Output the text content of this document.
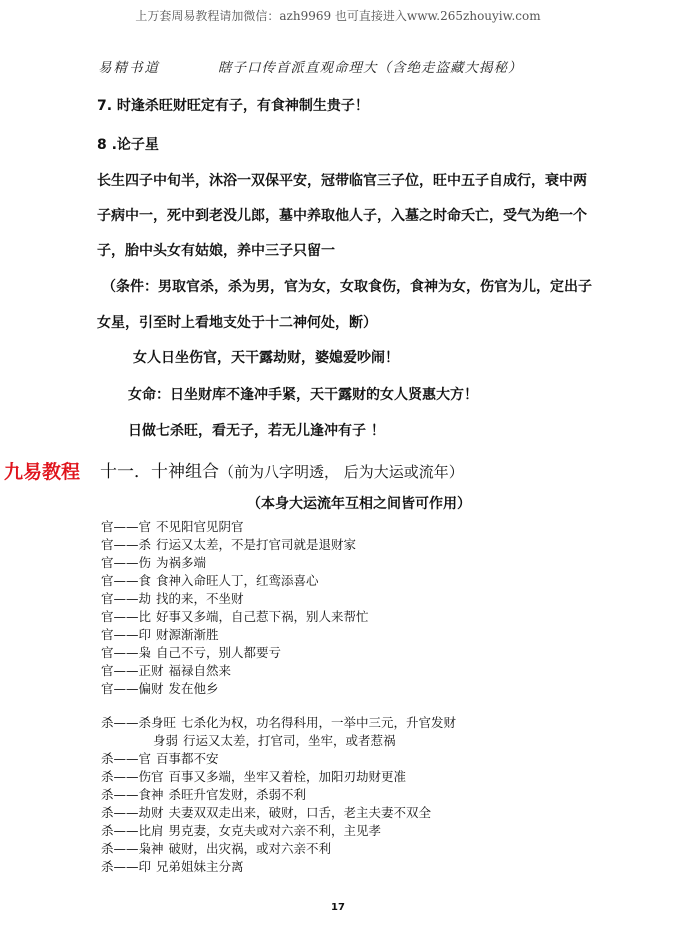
上万套周易教程请加微信：azh9969 也可直接进入www.265zhouyiw.com
易精书道	瞎子口传首派直观命理大（含绝走盗藏大揭秘）
7. 时逢杀旺财旺定有子，有食神制生贵子！
8 .论子星
长生四子中旬半，沐浴一双保平安，冠带临官三子位，旺中五子自成行，衰中两
子病中一，死中到老没儿郎，墓中养取他人子，入墓之时命夭亡，受气为绝一个
子，胎中头女有姑娘，养中三子只留一
（条件：男取官杀，杀为男，官为女，女取食伤，食神为女，伤官为儿，定出子
女星，引至时上看地支处于十二神何处，断）
女人日坐伤官，天干露劫财，婆媳爱吵闹！
女命：日坐财库不逢冲手紧，天干露财的女人贤惠大方！
日做七杀旺，看无子，若无儿逢冲有子 ！
九易教程 十一．十神组合（前为八字明透， 后为大运或流年）
（本身大运流年互相之间皆可作用）
官——官 不见阳官见阴官
官——杀 行运又太差，不是打官司就是退财家
官——伤 为祸多端
官——食 食神入命旺人丁，红鸾添喜心
官——劫 找的来，不坐财
官——比 好事又多端，自己惹下祸，别人来帮忙
官——印 财源渐渐胜
官——枭 自己不亏，别人都要亏
官——正财 福禄自然来
官——偏财 发在他乡
杀——杀身旺 七杀化为权，功名得科用，一举中三元，升官发财
身弱 行运又太差，打官司，坐牢，或者惹祸
杀——官 百事都不安
杀——伤官 百事又多端，坐牢又着栓，加阳刃劫财更准
杀——食神 杀旺升官发财，杀弱不利
杀——劫财 夫妻双双走出来，破财，口舌，老主夫妻不双全
杀——比肩 男克妻，女克夫或对六亲不利，主见孝
杀——枭神 破财，出灾祸，或对六亲不利
杀——印 兄弟姐妹主分离
17
